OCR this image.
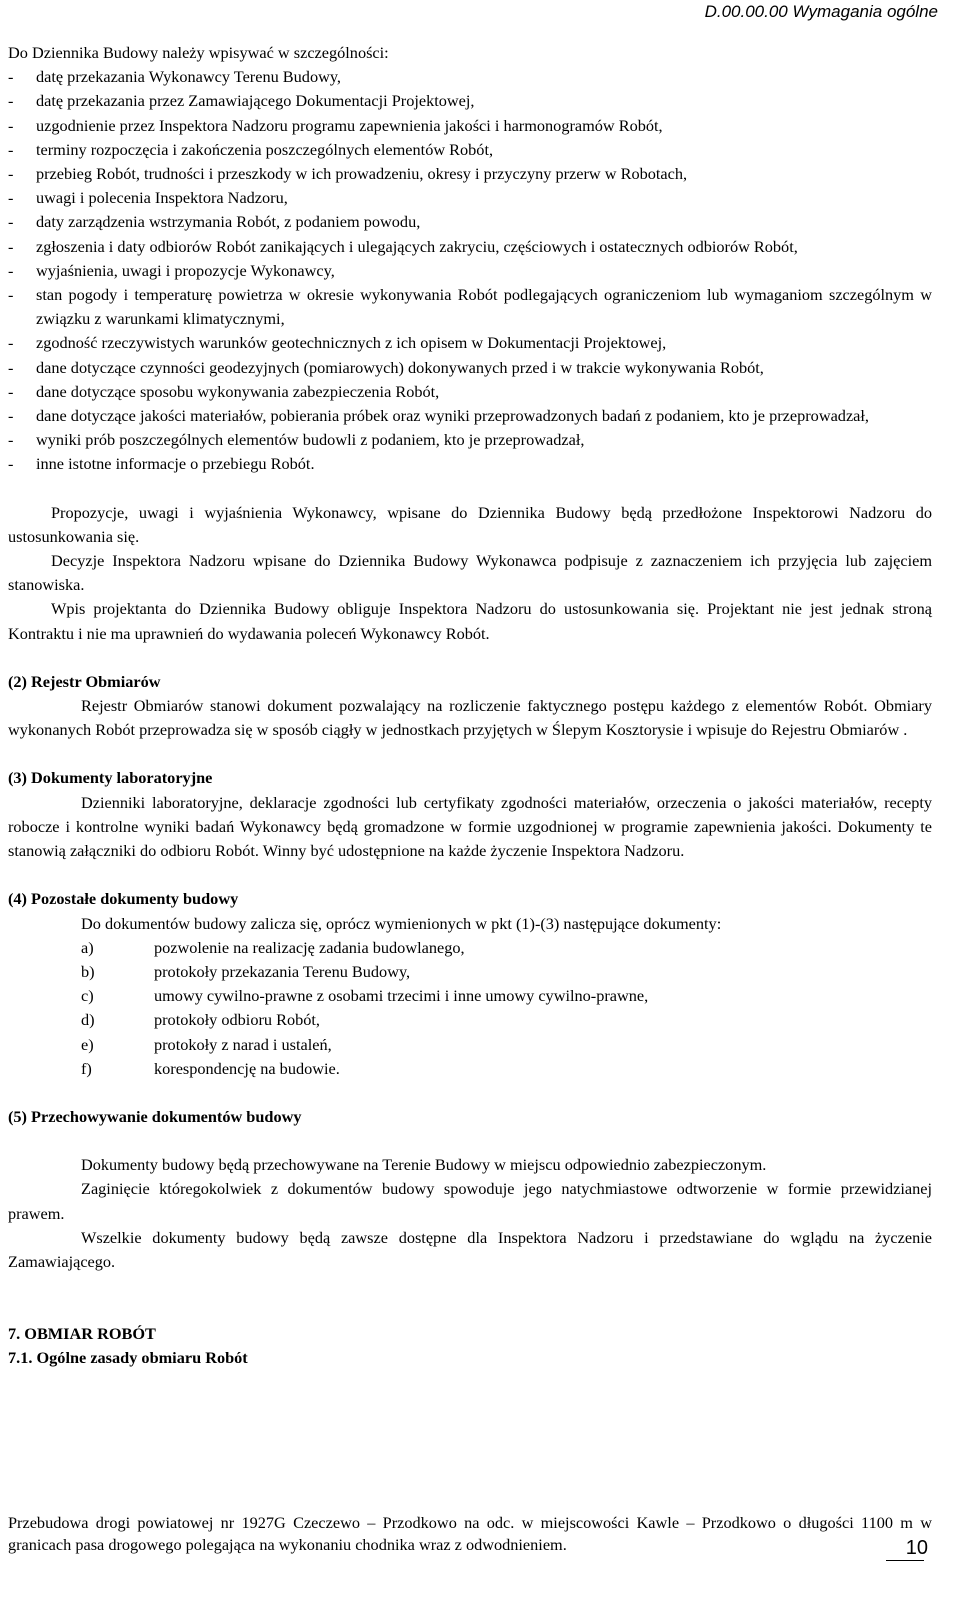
D.00.00.00 Wymagania ogólne
Do Dziennika Budowy należy wpisywać w szczególności:
-	datę przekazania Wykonawcy Terenu Budowy,
-	datę przekazania przez Zamawiającego Dokumentacji Projektowej,
-	uzgodnienie przez Inspektora Nadzoru programu zapewnienia jakości i harmonogramów Robót,
-	terminy rozpoczęcia i zakończenia poszczególnych elementów Robót,
-	przebieg Robót, trudności i przeszkody w ich prowadzeniu, okresy i przyczyny przerw w Robotach,
-	uwagi i polecenia Inspektora Nadzoru,
-	daty zarządzenia wstrzymania Robót, z podaniem powodu,
-	zgłoszenia i daty odbiorów Robót zanikających i ulegających zakryciu, częściowych i ostatecznych odbiorów Robót,
-	wyjaśnienia, uwagi i propozycje Wykonawcy,
-	stan pogody i temperaturę powietrza w okresie wykonywania Robót podlegających ograniczeniom lub wymaganiom szczególnym w związku z warunkami klimatycznymi,
-	zgodność rzeczywistych warunków geotechnicznych z ich opisem w Dokumentacji Projektowej,
-	dane dotyczące czynności geodezyjnych (pomiarowych) dokonywanych przed i w trakcie wykonywania Robót,
-	dane dotyczące sposobu wykonywania zabezpieczenia Robót,
-	dane dotyczące jakości materiałów, pobierania próbek oraz wyniki przeprowadzonych badań z podaniem, kto je przeprowadzał,
-	wyniki prób poszczególnych elementów budowli z podaniem, kto je przeprowadzał,
-	inne istotne informacje o przebiegu Robót.
Propozycje, uwagi i wyjaśnienia Wykonawcy, wpisane do Dziennika Budowy będą przedłożone Inspektorowi Nadzoru do ustosunkowania się.
Decyzje Inspektora Nadzoru wpisane do Dziennika Budowy Wykonawca podpisuje z zaznaczeniem ich przyjęcia lub zajęciem stanowiska.
Wpis projektanta do Dziennika Budowy obliguje Inspektora Nadzoru do ustosunkowania się. Projektant nie jest jednak stroną Kontraktu i nie ma uprawnień do wydawania poleceń Wykonawcy Robót.
(2) Rejestr Obmiarów
Rejestr Obmiarów stanowi dokument pozwalający na rozliczenie faktycznego postępu każdego z elementów Robót. Obmiary wykonanych Robót przeprowadza się w sposób ciągły w jednostkach przyjętych w Ślepym Kosztorysie i wpisuje do Rejestru Obmiarów .
(3) Dokumenty laboratoryjne
Dzienniki laboratoryjne, deklaracje zgodności lub certyfikaty zgodności materiałów, orzeczenia o jakości materiałów, recepty robocze i kontrolne wyniki badań Wykonawcy będą gromadzone w formie uzgodnionej w programie zapewnienia jakości. Dokumenty te stanowią załączniki do odbioru Robót. Winny być udostępnione na każde życzenie Inspektora Nadzoru.
(4) Pozostałe dokumenty budowy
Do dokumentów budowy zalicza się, oprócz wymienionych w pkt (1)-(3) następujące dokumenty:
a)	pozwolenie na realizację zadania budowlanego,
b)	protokoły przekazania Terenu Budowy,
c)	umowy cywilno-prawne z osobami trzecimi i inne umowy cywilno-prawne,
d)	protokoły odbioru Robót,
e)	protokoły z narad i ustaleń,
f)	korespondencję na budowie.
(5) Przechowywanie dokumentów budowy
Dokumenty budowy będą przechowywane na Terenie Budowy w miejscu odpowiednio zabezpieczonym.
Zaginięcie któregokolwiek z dokumentów budowy spowoduje jego natychmiastowe odtworzenie w formie przewidzianej prawem.
Wszelkie dokumenty budowy będą zawsze dostępne dla Inspektora Nadzoru i przedstawiane do wglądu na życzenie Zamawiającego.
7. OBMIAR ROBÓT
7.1. Ogólne zasady obmiaru Robót
Przebudowa drogi powiatowej nr 1927G Czeczewo – Przodkowo na odc. w miejscowości Kawle – Przodkowo o długości 1100 m w granicach pasa drogowego polegająca na wykonaniu chodnika wraz z odwodnieniem.	10
